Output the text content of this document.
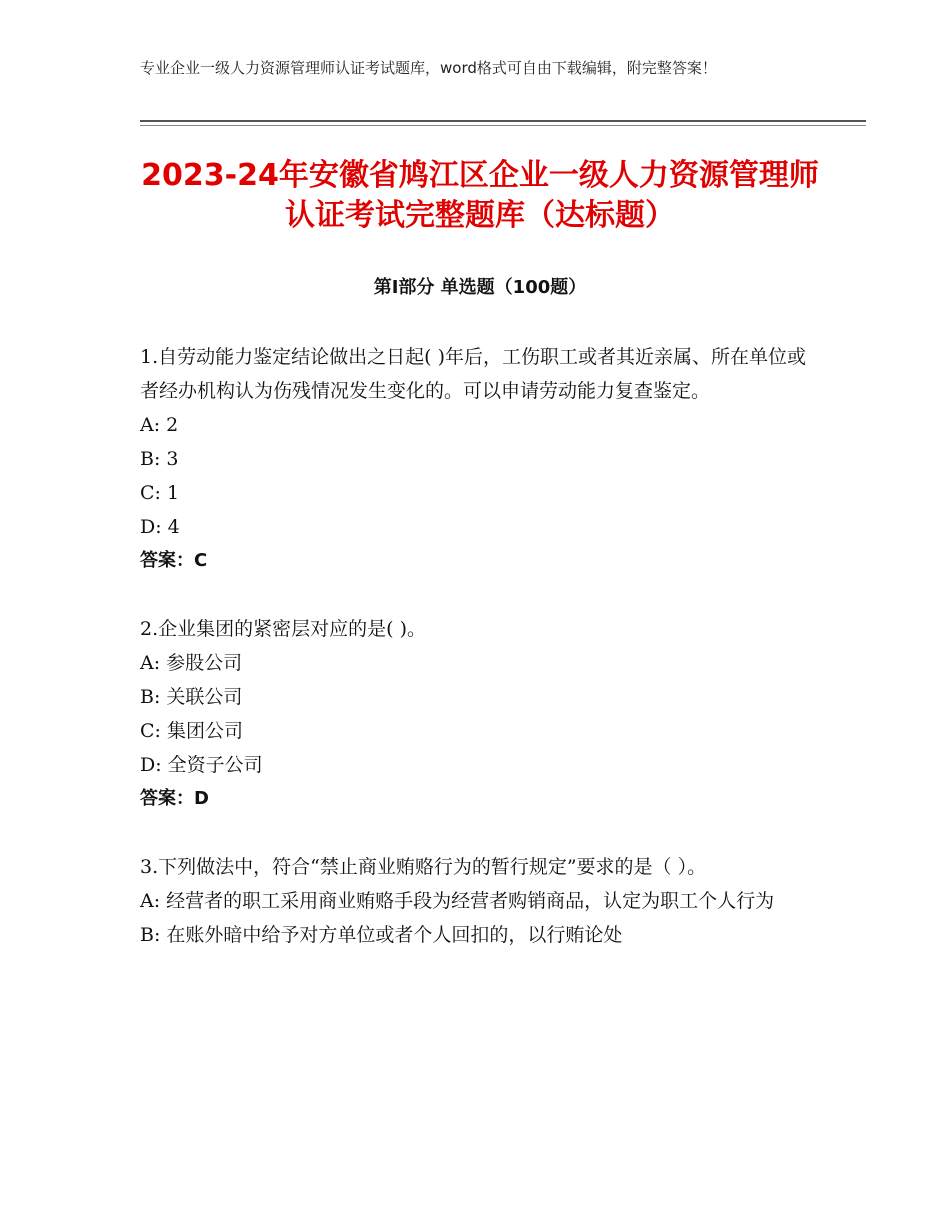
专业企业一级人力资源管理师认证考试题库，word格式可自由下载编辑，附完整答案！
2023-24年安徽省鸠江区企业一级人力资源管理师认证考试完整题库（达标题）
第I部分 单选题（100题）

1.自劳动能力鉴定结论做出之日起( )年后，工伤职工或者其近亲属、所在单位或者经办机构认为伤残情况发生变化的。可以申请劳动能力复查鉴定。

A: 2

B: 3

C: 1

D: 4

答案：C

2.企业集团的紧密层对应的是( )。

A: 参股公司

B: 关联公司

C: 集团公司

D: 全资子公司

答案：D

3.下列做法中，符合“禁止商业贿赂行为的暂行规定”要求的是（ ）。

A: 经营者的职工采用商业贿赂手段为经营者购销商品，认定为职工个人行为

B: 在账外暗中给予对方单位或者个人回扣的，以行贿论处
